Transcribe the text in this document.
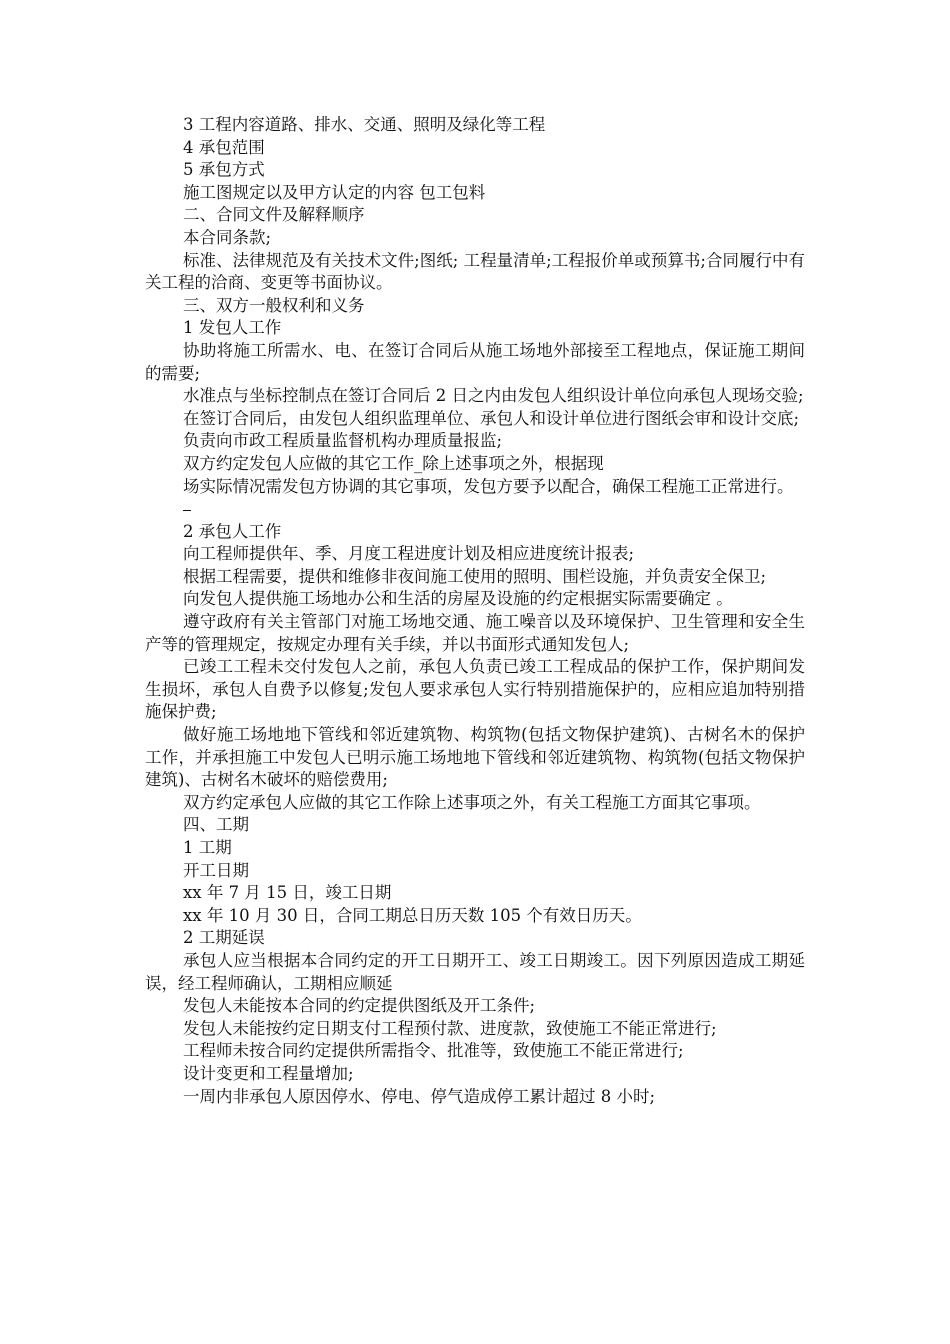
3 工程内容道路、排水、交通、照明及绿化等工程

4 承包范围

5 承包方式

施工图规定以及甲方认定的内容 包工包料

二、合同文件及解释顺序

本合同条款;

标准、法律规范及有关技术文件;图纸; 工程量清单;工程报价单或预算书;合同履行中有关工程的洽商、变更等书面协议。

三、双方一般权利和义务

1 发包人工作

协助将施工所需水、电、在签订合同后从施工场地外部接至工程地点，保证施工期间的需要;

水准点与坐标控制点在签订合同后 2 日之内由发包人组织设计单位向承包人现场交验;

在签订合同后，由发包人组织监理单位、承包人和设计单位进行图纸会审和设计交底;

负责向市政工程质量监督机构办理质量报监;

双方约定发包人应做的其它工作_除上述事项之外，根据现

场实际情况需发包方协调的其它事项，发包方要予以配合，确保工程施工正常进行。

2 承包人工作

向工程师提供年、季、月度工程进度计划及相应进度统计报表;

根据工程需要，提供和维修非夜间施工使用的照明、围栏设施，并负责安全保卫;

向发包人提供施工场地办公和生活的房屋及设施的约定根据实际需要确定 。

遵守政府有关主管部门对施工场地交通、施工噪音以及环境保护、卫生管理和安全生产等的管理规定，按规定办理有关手续，并以书面形式通知发包人;

已竣工工程未交付发包人之前，承包人负责已竣工工程成品的保护工作，保护期间发生损坏，承包人自费予以修复;发包人要求承包人实行特别措施保护的，应相应追加特别措施保护费;

做好施工场地地下管线和邻近建筑物、构筑物(包括文物保护建筑)、古树名木的保护工作，并承担施工中发包人已明示施工场地地下管线和邻近建筑物、构筑物(包括文物保护建筑)、古树名木破坏的赔偿费用;

双方约定承包人应做的其它工作除上述事项之外，有关工程施工方面其它事项。

四、工期

1 工期

开工日期

xx 年 7 月 15 日，竣工日期

xx 年 10 月 30 日，合同工期总日历天数 105 个有效日历天。

2 工期延误

承包人应当根据本合同约定的开工日期开工、竣工日期竣工。因下列原因造成工期延误，经工程师确认，工期相应顺延

发包人未能按本合同的约定提供图纸及开工条件;

发包人未能按约定日期支付工程预付款、进度款，致使施工不能正常进行;

工程师未按合同约定提供所需指令、批准等，致使施工不能正常进行;

设计变更和工程量增加;

一周内非承包人原因停水、停电、停气造成停工累计超过 8 小时;
